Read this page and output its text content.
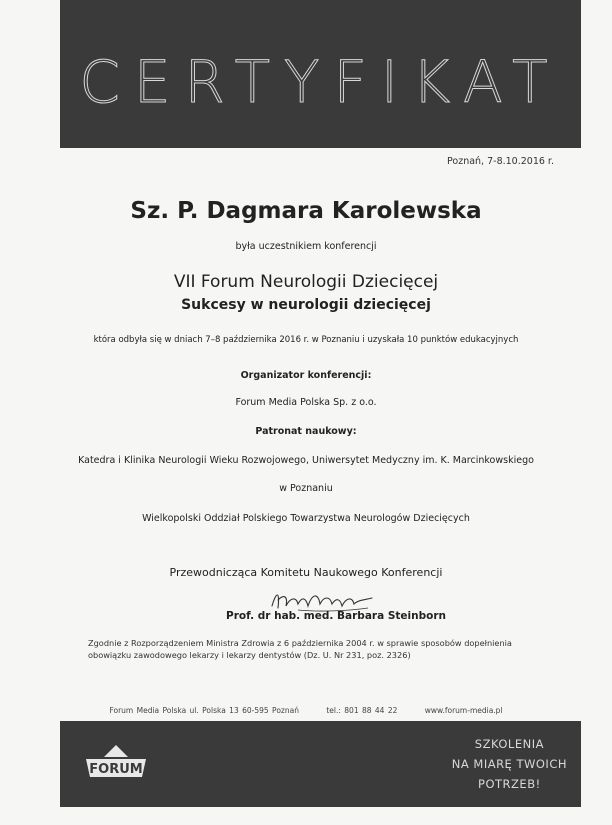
CERTYFIKAT
Poznań, 7-8.10.2016 r.
Sz. P. Dagmara Karolewska
była uczestnikiem konferencji
VII Forum Neurologii Dziecięcej
Sukcesy w neurologii dziecięcej
która odbyła się w dniach 7–8 października 2016 r. w Poznaniu i uzyskała 10 punktów edukacyjnych
Organizator konferencji:
Forum Media Polska Sp. z o.o.
Patronat naukowy:
Katedra i Klinika Neurologii Wieku Rozwojowego, Uniwersytet Medyczny im. K. Marcinkowskiego
w Poznaniu
Wielkopolski Oddział Polskiego Towarzystwa Neurologów Dziecięcych
Przewodnicząca Komitetu Naukowego Konferencji
Prof. dr hab. med. Barbara Steinborn
Zgodnie z Rozporządzeniem Ministra Zdrowia z 6 października 2004 r. w sprawie sposobów dopełnienia obowiązku zawodowego lekarzy i lekarzy dentystów (Dz. U. Nr 231, poz. 2326)
Forum Media Polska ul. Polska 13 60-595 Poznań	tel.: 801 88 44 22	www.forum-media.pl
FORUM
SZKOLENIA
NA MIARĘ TWOICH
POTRZEB!
